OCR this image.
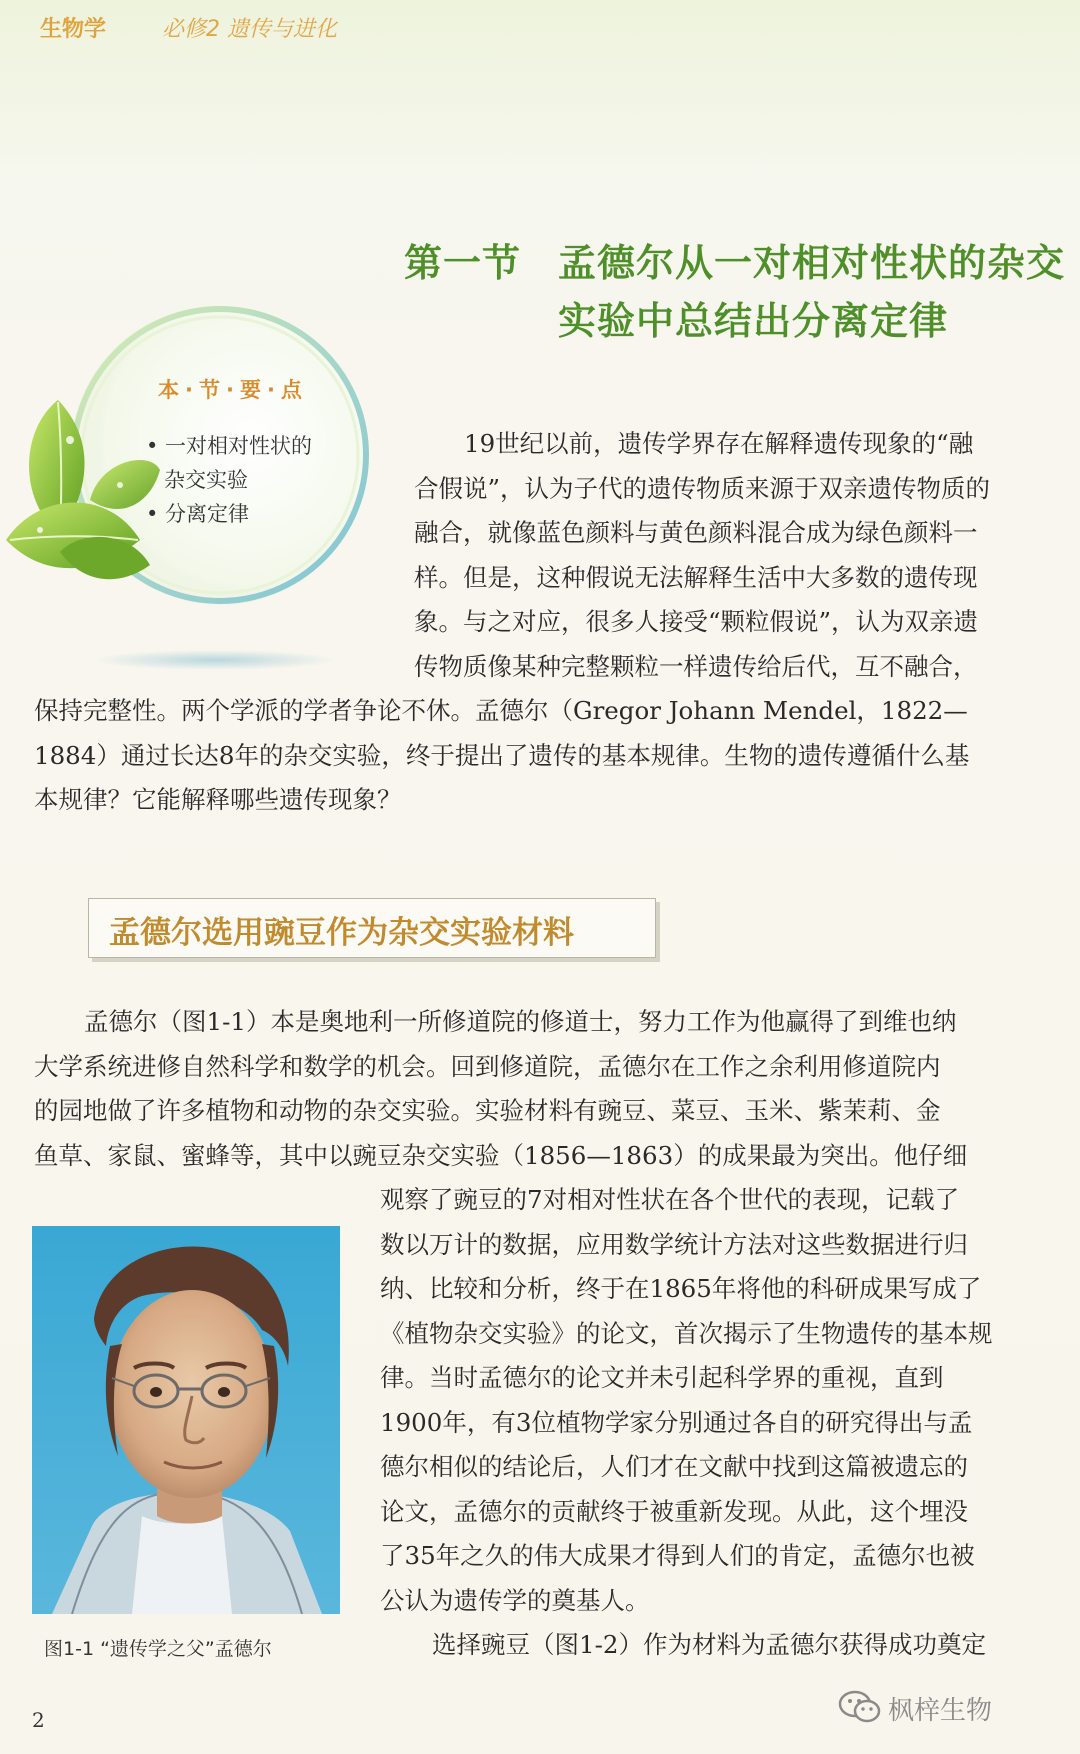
生物学	必修2 遗传与进化
第一节 孟德尔从一对相对性状的杂交
实验中总结出分离定律
本·节·要·点
• 一对相对性状的
杂交实验
• 分离定律
19世纪以前，遗传学界存在解释遗传现象的“融
合假说”，认为子代的遗传物质来源于双亲遗传物质的
融合，就像蓝色颜料与黄色颜料混合成为绿色颜料一
样。但是，这种假说无法解释生活中大多数的遗传现
象。与之对应，很多人接受“颗粒假说”，认为双亲遗
传物质像某种完整颗粒一样遗传给后代，互不融合，
保持完整性。两个学派的学者争论不休。孟德尔（Gregor Johann Mendel，1822—
1884）通过长达8年的杂交实验，终于提出了遗传的基本规律。生物的遗传遵循什么基
本规律？它能解释哪些遗传现象？
孟德尔选用豌豆作为杂交实验材料
孟德尔（图1-1）本是奥地利一所修道院的修道士，努力工作为他赢得了到维也纳
大学系统进修自然科学和数学的机会。回到修道院，孟德尔在工作之余利用修道院内
的园地做了许多植物和动物的杂交实验。实验材料有豌豆、菜豆、玉米、紫茉莉、金
鱼草、家鼠、蜜蜂等，其中以豌豆杂交实验（1856—1863）的成果最为突出。他仔细
观察了豌豆的7对相对性状在各个世代的表现，记载了
数以万计的数据，应用数学统计方法对这些数据进行归
纳、比较和分析，终于在1865年将他的科研成果写成了
《植物杂交实验》的论文，首次揭示了生物遗传的基本规
律。当时孟德尔的论文并未引起科学界的重视，直到
1900年，有3位植物学家分别通过各自的研究得出与孟
德尔相似的结论后，人们才在文献中找到这篇被遗忘的
论文，孟德尔的贡献终于被重新发现。从此，这个埋没
了35年之久的伟大成果才得到人们的肯定，孟德尔也被
公认为遗传学的奠基人。
选择豌豆（图1-2）作为材料为孟德尔获得成功奠定
图1-1 “遗传学之父”孟德尔
2	枫梓生物
